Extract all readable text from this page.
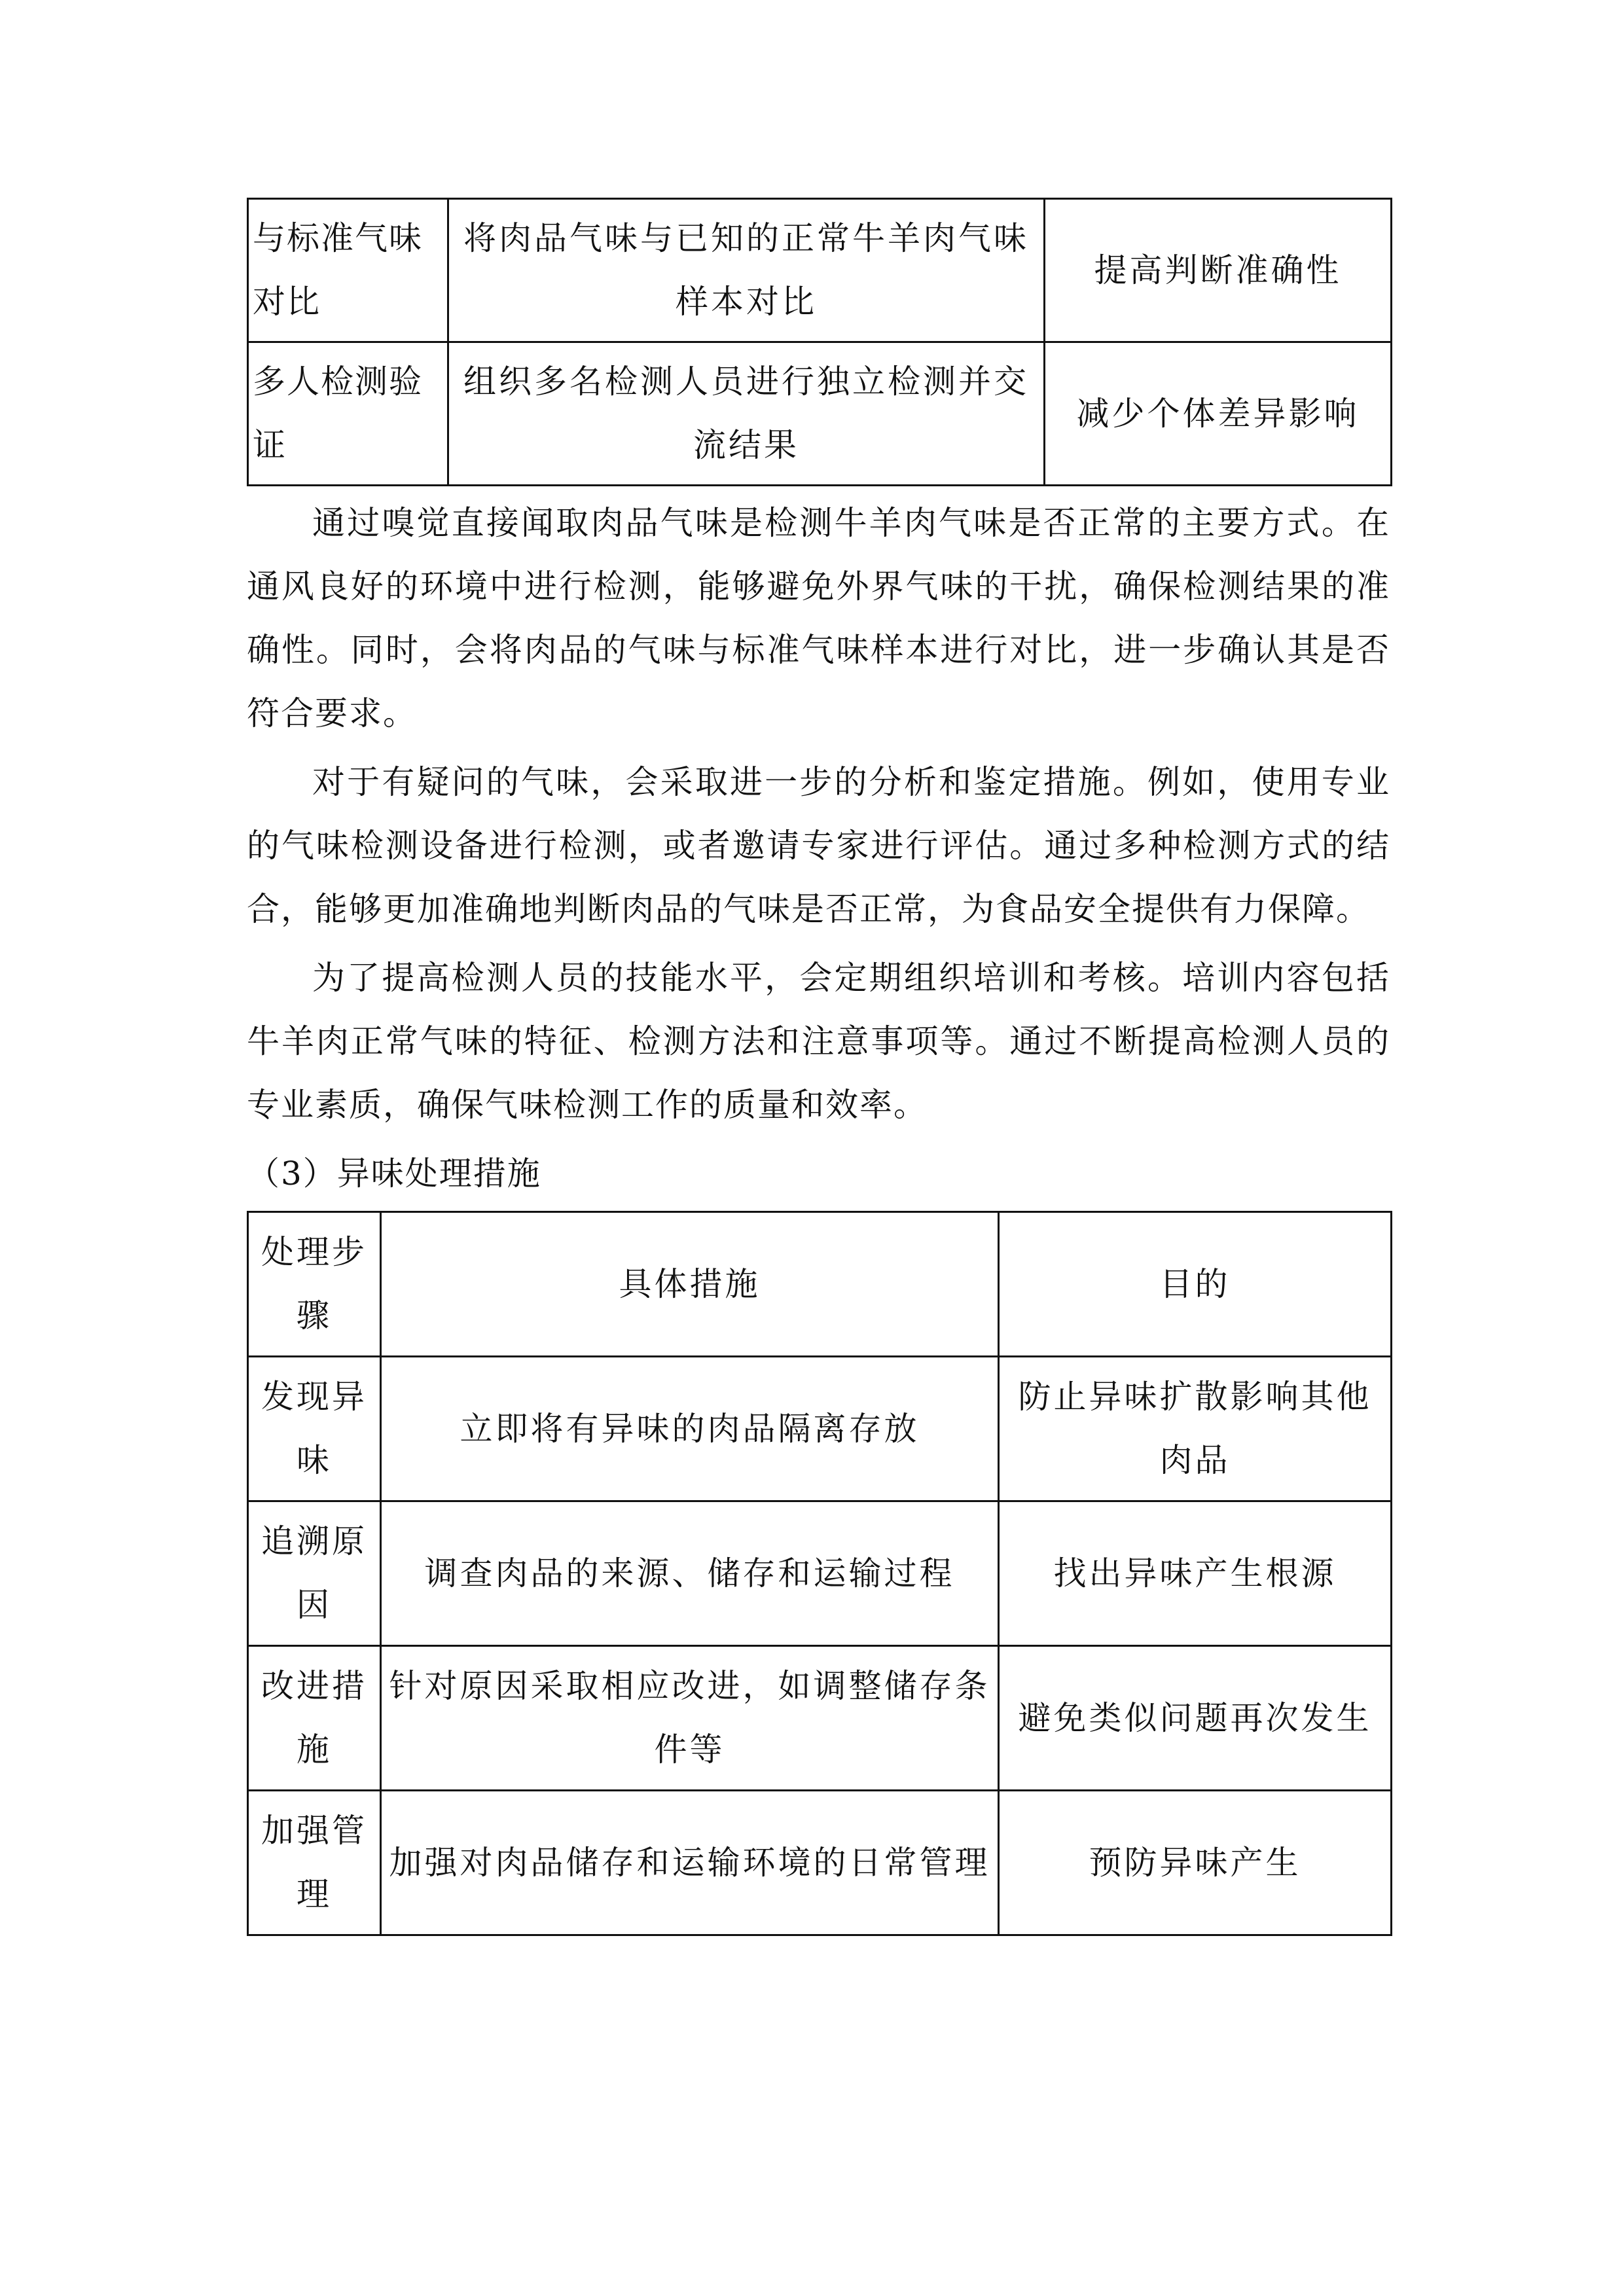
与标准气味对比	将肉品气味与已知的正常牛羊肉气味样本对比	提高判断准确性
多人检测验证	组织多名检测人员进行独立检测并交流结果	减少个体差异影响

通过嗅觉直接闻取肉品气味是检测牛羊肉气味是否正常的主要方式。在通风良好的环境中进行检测，能够避免外界气味的干扰，确保检测结果的准确性。同时，会将肉品的气味与标准气味样本进行对比，进一步确认其是否符合要求。

对于有疑问的气味，会采取进一步的分析和鉴定措施。例如，使用专业的气味检测设备进行检测，或者邀请专家进行评估。通过多种检测方式的结合，能够更加准确地判断肉品的气味是否正常，为食品安全提供有力保障。

为了提高检测人员的技能水平，会定期组织培训和考核。培训内容包括牛羊肉正常气味的特征、检测方法和注意事项等。通过不断提高检测人员的专业素质，确保气味检测工作的质量和效率。

（3）异味处理措施

处理步骤	具体措施	目的
发现异味	立即将有异味的肉品隔离存放	防止异味扩散影响其他肉品
追溯原因	调查肉品的来源、储存和运输过程	找出异味产生根源
改进措施	针对原因采取相应改进，如调整储存条件等	避免类似问题再次发生
加强管理	加强对肉品储存和运输环境的日常管理	预防异味产生
